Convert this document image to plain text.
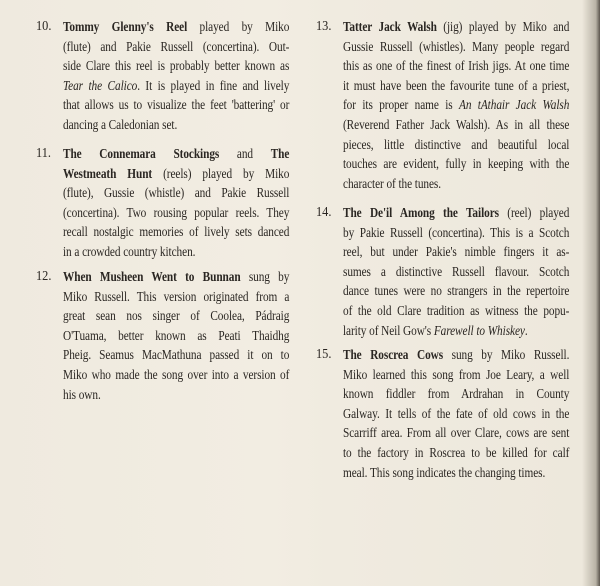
10. Tommy Glenny's Reel played by Miko
(flute) and Pakie Russell (concertina). Out-
side Clare this reel is probably better known as
Tear the Calico. It is played in fine and lively
that allows us to visualize the feet 'battering' or
dancing a Caledonian set.
11. The Connemara Stockings and The
Westmeath Hunt (reels) played by Miko
(flute), Gussie (whistle) and Pakie Russell
(concertina). Two rousing popular reels. They
recall nostalgic memories of lively sets danced
in a crowded country kitchen.
12. When Musheen Went to Bunnan sung by
Miko Russell. This version originated from a
great sean nos singer of Coolea, Pádraig
O'Tuama, better known as Peati Thaidhg
Pheig. Seamus MacMathuna passed it on to
Miko who made the song over into a version of
his own.
13. Tatter Jack Walsh (jig) played by Miko and
Gussie Russell (whistles). Many people regard
this as one of the finest of Irish jigs. At one time
it must have been the favourite tune of a priest,
for its proper name is An tAthair Jack Walsh
(Reverend Father Jack Walsh). As in all these
pieces, little distinctive and beautiful local
touches are evident, fully in keeping with the
character of the tunes.
14. The De'il Among the Tailors (reel) played
by Pakie Russell (concertina). This is a Scotch
reel, but under Pakie's nimble fingers it as-
sumes a distinctive Russell flavour. Scotch
dance tunes were no strangers in the repertoire
of the old Clare tradition as witness the popu-
larity of Neil Gow's Farewell to Whiskey.
15. The Roscrea Cows sung by Miko Russell.
Miko learned this song from Joe Leary, a well
known fiddler from Ardrahan in County
Galway. It tells of the fate of old cows in the
Scarriff area. From all over Clare, cows are sent
to the factory in Roscrea to be killed for calf
meal. This song indicates the changing times.
